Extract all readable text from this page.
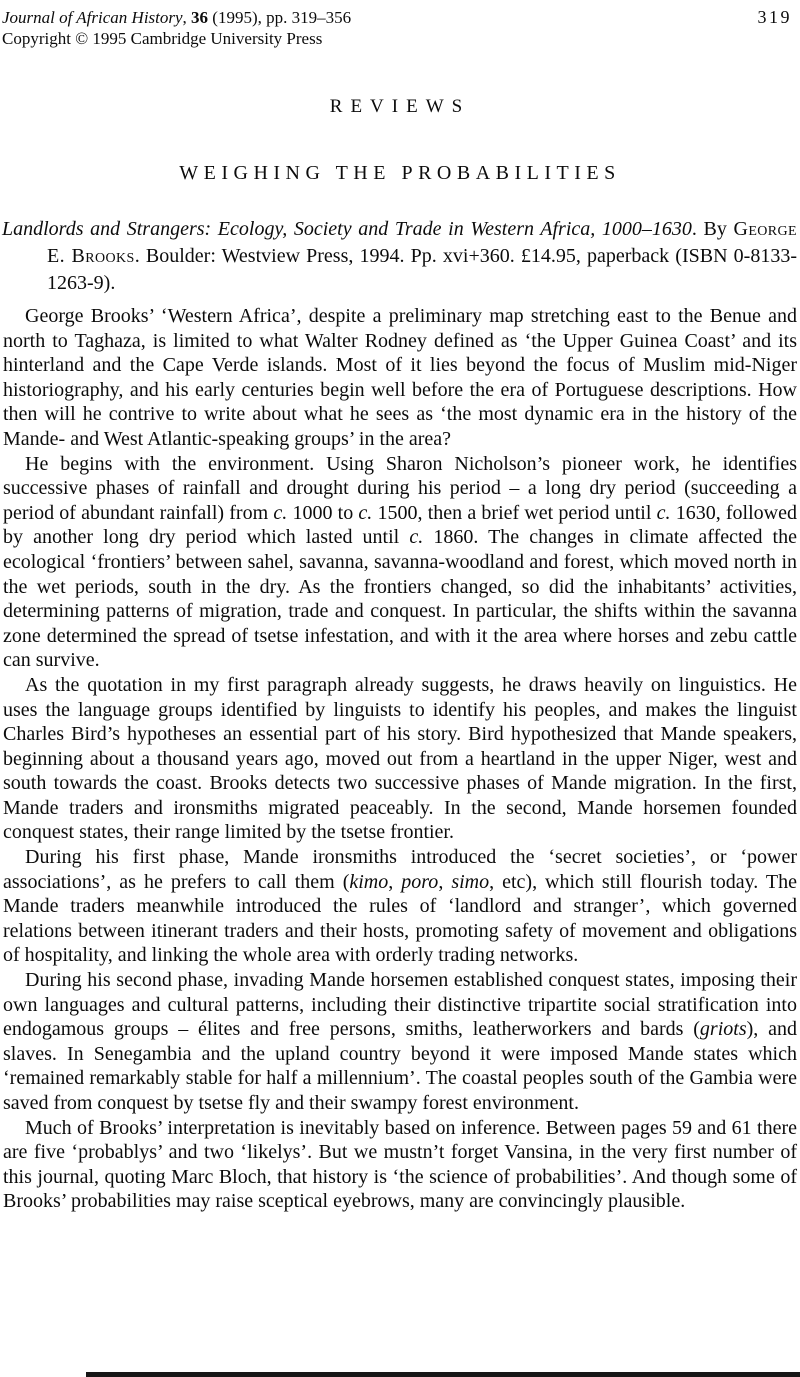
Journal of African History, 36 (1995), pp. 319–356
Copyright © 1995 Cambridge University Press
319
REVIEWS
WEIGHING THE PROBABILITIES
Landlords and Strangers: Ecology, Society and Trade in Western Africa, 1000–1630. By George E. Brooks. Boulder: Westview Press, 1994. Pp. xvi+360. £14.95, paperback (ISBN 0-8133-1263-9).

George Brooks’ ‘Western Africa’, despite a preliminary map stretching east to the Benue and north to Taghaza, is limited to what Walter Rodney defined as ‘the Upper Guinea Coast’ and its hinterland and the Cape Verde islands. Most of it lies beyond the focus of Muslim mid-Niger historiography, and his early centuries begin well before the era of Portuguese descriptions. How then will he contrive to write about what he sees as ‘the most dynamic era in the history of the Mande- and West Atlantic-speaking groups’ in the area?

He begins with the environment. Using Sharon Nicholson’s pioneer work, he identifies successive phases of rainfall and drought during his period – a long dry period (succeeding a period of abundant rainfall) from c. 1000 to c. 1500, then a brief wet period until c. 1630, followed by another long dry period which lasted until c. 1860. The changes in climate affected the ecological ‘frontiers’ between sahel, savanna, savanna-woodland and forest, which moved north in the wet periods, south in the dry. As the frontiers changed, so did the inhabitants’ activities, determining patterns of migration, trade and conquest. In particular, the shifts within the savanna zone determined the spread of tsetse infestation, and with it the area where horses and zebu cattle can survive.

As the quotation in my first paragraph already suggests, he draws heavily on linguistics. He uses the language groups identified by linguists to identify his peoples, and makes the linguist Charles Bird’s hypotheses an essential part of his story. Bird hypothesized that Mande speakers, beginning about a thousand years ago, moved out from a heartland in the upper Niger, west and south towards the coast. Brooks detects two successive phases of Mande migration. In the first, Mande traders and ironsmiths migrated peaceably. In the second, Mande horsemen founded conquest states, their range limited by the tsetse frontier.

During his first phase, Mande ironsmiths introduced the ‘secret societies’, or ‘power associations’, as he prefers to call them (kimo, poro, simo, etc), which still flourish today. The Mande traders meanwhile introduced the rules of ‘landlord and stranger’, which governed relations between itinerant traders and their hosts, promoting safety of movement and obligations of hospitality, and linking the whole area with orderly trading networks.

During his second phase, invading Mande horsemen established conquest states, imposing their own languages and cultural patterns, including their distinctive tripartite social stratification into endogamous groups – élites and free persons, smiths, leatherworkers and bards (griots), and slaves. In Senegambia and the upland country beyond it were imposed Mande states which ‘remained remarkably stable for half a millennium’. The coastal peoples south of the Gambia were saved from conquest by tsetse fly and their swampy forest environment.

Much of Brooks’ interpretation is inevitably based on inference. Between pages 59 and 61 there are five ‘probablys’ and two ‘likelys’. But we mustn’t forget Vansina, in the very first number of this journal, quoting Marc Bloch, that history is ‘the science of probabilities’. And though some of Brooks’ probabilities may raise sceptical eyebrows, many are convincingly plausible.
